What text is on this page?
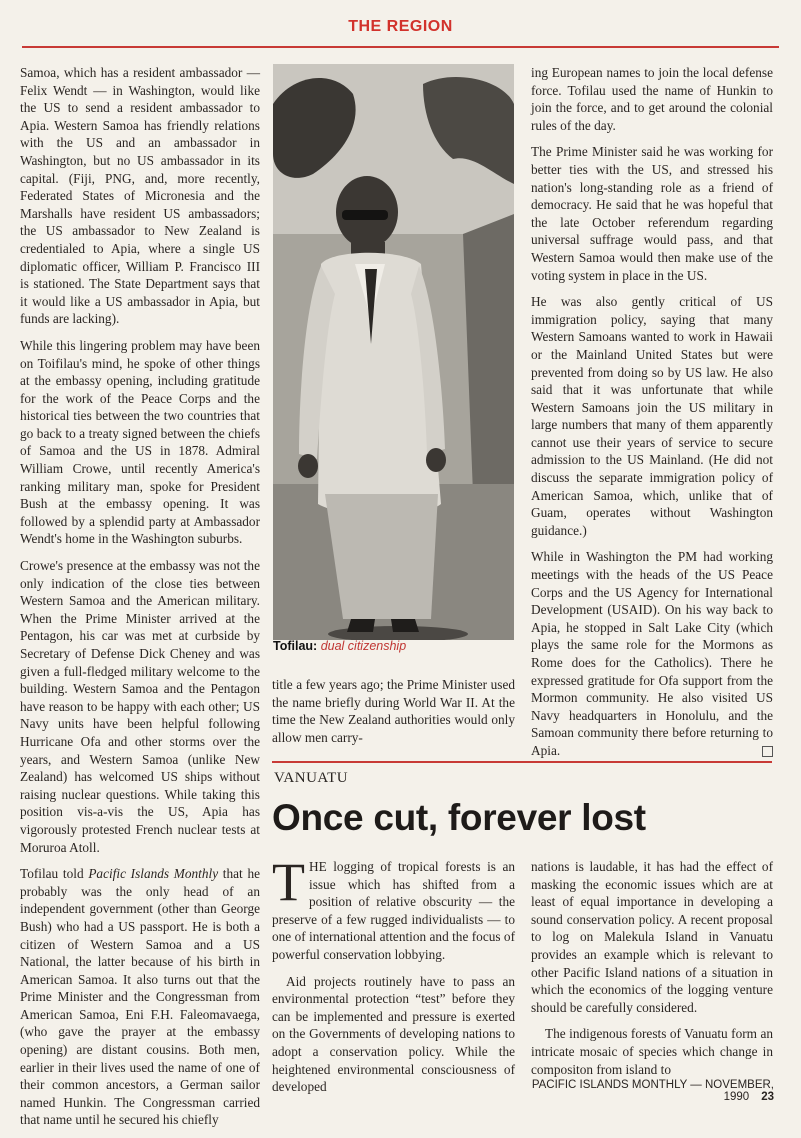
THE REGION

Samoa, which has a resident ambassador — Felix Wendt — in Washington, would like the US to send a resident ambassador to Apia. Western Samoa has friendly relations with the US and an ambassador in Washington, but no US ambassador in its capital. (Fiji, PNG, and, more recently, Federated States of Micronesia and the Marshalls have resident US ambassadors; the US ambassador to New Zealand is credentialed to Apia, where a single US diplomatic officer, William P. Francisco III is stationed. The State Department says that it would like a US ambassador in Apia, but funds are lacking).

While this lingering problem may have been on Toifilau's mind, he spoke of other things at the embassy opening, including gratitude for the work of the Peace Corps and the historical ties between the two countries that go back to a treaty signed between the chiefs of Samoa and the US in 1878. Admiral William Crowe, until recently America's ranking military man, spoke for President Bush at the embassy opening. It was followed by a splendid party at Ambassador Wendt's home in the Washington suburbs.

Crowe's presence at the embassy was not the only indication of the close ties between Western Samoa and the American military. When the Prime Minister arrived at the Pentagon, his car was met at curbside by Secretary of Defense Dick Cheney and was given a full-fledged military welcome to the building. Western Samoa and the Pentagon have reason to be happy with each other; US Navy units have been helpful following Hurricane Ofa and other storms over the years, and Western Samoa (unlike New Zealand) has welcomed US ships without raising nuclear questions. While taking this position vis-a-vis the US, Apia has vigorously protested French nuclear tests at Moruroa Atoll.

Tofilau told Pacific Islands Monthly that he probably was the only head of an independent government (other than George Bush) who had a US passport. He is both a citizen of Western Samoa and a US National, the latter because of his birth in American Samoa. It also turns out that the Prime Minister and the Congressman from American Samoa, Eni F.H. Faleomavaega, (who gave the prayer at the embassy opening) are distant cousins. Both men, earlier in their lives used the name of one of their common ancestors, a German sailor named Hunkin. The Congressman carried that name until he secured his chiefly

Tofilau: dual citizenship

title a few years ago; the Prime Minister used the name briefly during World War II. At the time the New Zealand authorities would only allow men carry-

ing European names to join the local defense force. Tofilau used the name of Hunkin to join the force, and to get around the colonial rules of the day.

The Prime Minister said he was working for better ties with the US, and stressed his nation's long-standing role as a friend of democracy. He said that he was hopeful that the late October referendum regarding universal suffrage would pass, and that Western Samoa would then make use of the voting system in place in the US.

He was also gently critical of US immigration policy, saying that many Western Samoans wanted to work in Hawaii or the Mainland United States but were prevented from doing so by US law. He also said that it was unfortunate that while Western Samoans join the US military in large numbers that many of them apparently cannot use their years of service to secure admission to the US Mainland. (He did not discuss the separate immigration policy of American Samoa, which, unlike that of Guam, operates without Washington guidance.)

While in Washington the PM had working meetings with the heads of the US Peace Corps and the US Agency for International Development (USAID). On his way back to Apia, he stopped in Salt Lake City (which plays the same role for the Mormons as Rome does for the Catholics). There he expressed gratitude for Ofa support from the Mormon community. He also visited US Navy headquarters in Honolulu, and the Samoan community there before returning to Apia.

VANUATU
Once cut, forever lost

THE logging of tropical forests is an issue which has shifted from a position of relative obscurity — the preserve of a few rugged individualists — to one of international attention and the focus of powerful conservation lobbying.

Aid projects routinely have to pass an environmental protection “test” before they can be implemented and pressure is exerted on the Governments of developing nations to adopt a conservation policy. While the heightened environmental consciousness of developed

nations is laudable, it has had the effect of masking the economic issues which are at least of equal importance in developing a sound conservation policy. A recent proposal to log on Malekula Island in Vanuatu provides an example which is relevant to other Pacific Island nations of a situation in which the economics of the logging venture should be carefully considered.

The indigenous forests of Vanuatu form an intricate mosaic of species which change in compositon from island to

PACIFIC ISLANDS MONTHLY — NOVEMBER, 1990 23
